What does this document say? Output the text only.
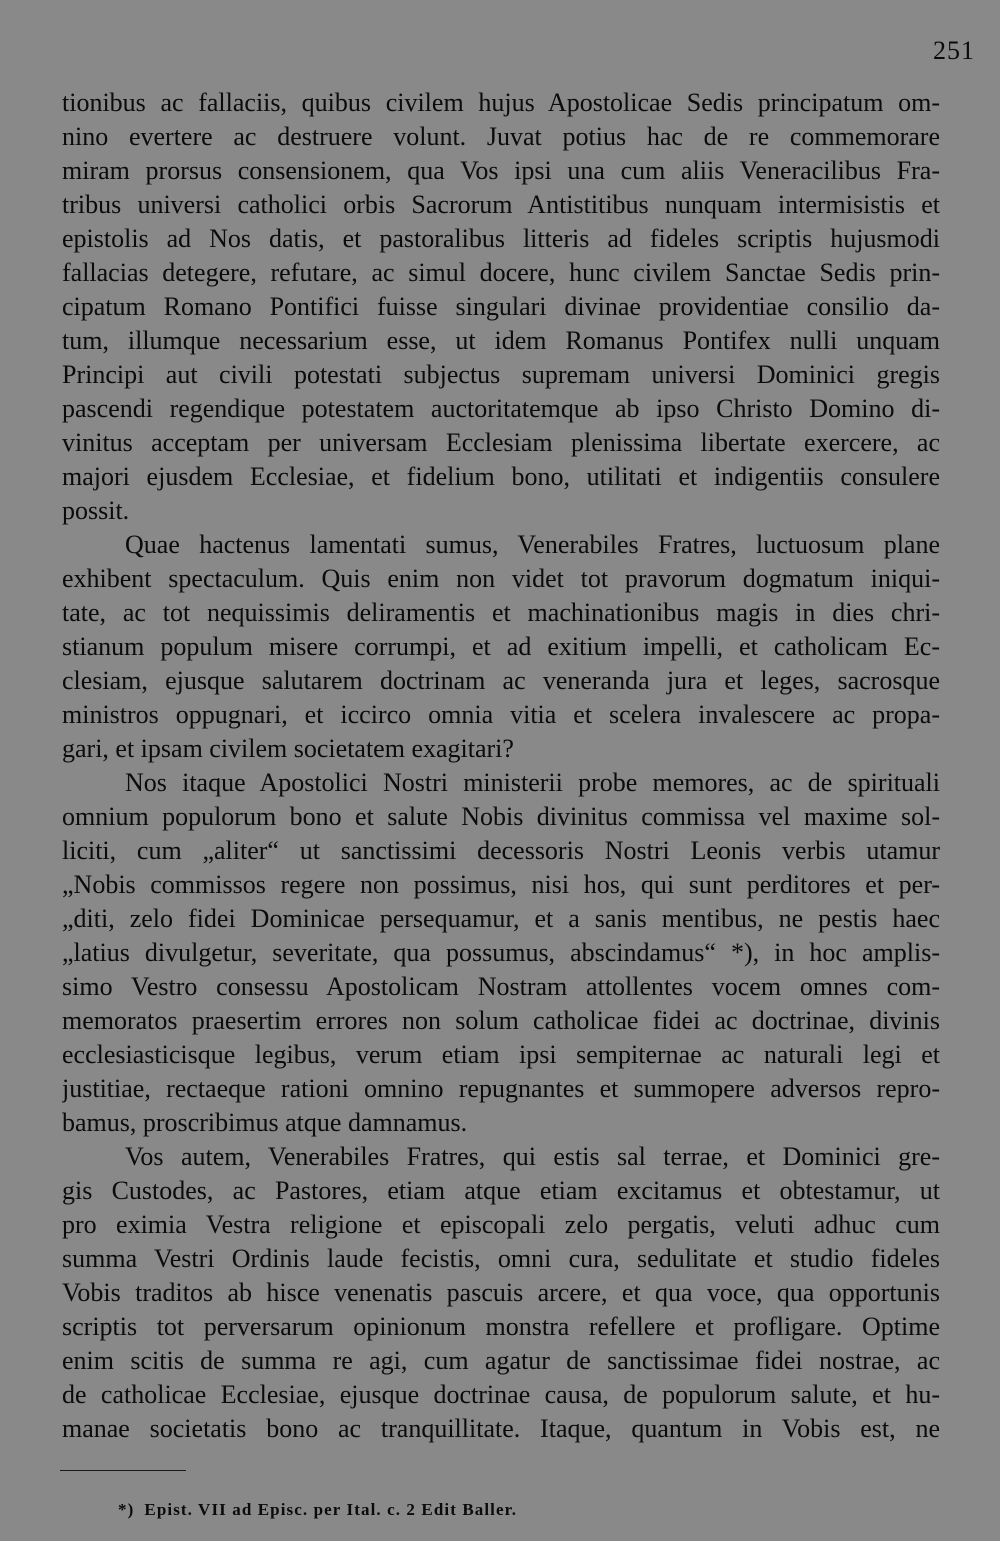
251
tionibus ac fallaciis, quibus civilem hujus Apostolicae Sedis principatum om-
nino evertere ac destruere volunt. Juvat potius hac de re commemorare
miram prorsus consensionem, qua Vos ipsi una cum aliis Veneracilibus Fra-
tribus universi catholici orbis Sacrorum Antistitibus nunquam intermisistis et
epistolis ad Nos datis, et pastoralibus litteris ad fideles scriptis hujusmodi
fallacias detegere, refutare, ac simul docere, hunc civilem Sanctae Sedis prin-
cipatum Romano Pontifici fuisse singulari divinae providentiae consilio da-
tum, illumque necessarium esse, ut idem Romanus Pontifex nulli unquam
Principi aut civili potestati subjectus supremam universi Dominici gregis
pascendi regendique potestatem auctoritatemque ab ipso Christo Domino di-
vinitus acceptam per universam Ecclesiam plenissima libertate exercere, ac
majori ejusdem Ecclesiae, et fidelium bono, utilitati et indigentiis consulere
possit.
Quae hactenus lamentati sumus, Venerabiles Fratres, luctuosum plane
exhibent spectaculum. Quis enim non videt tot pravorum dogmatum iniqui-
tate, ac tot nequissimis deliramentis et machinationibus magis in dies chri-
stianum populum misere corrumpi, et ad exitium impelli, et catholicam Ec-
clesiam, ejusque salutarem doctrinam ac veneranda jura et leges, sacrosque
ministros oppugnari, et iccirco omnia vitia et scelera invalescere ac propa-
gari, et ipsam civilem societatem exagitari?
Nos itaque Apostolici Nostri ministerii probe memores, ac de spirituali
omnium populorum bono et salute Nobis divinitus commissa vel maxime sol-
liciti, cum „aliter“ ut sanctissimi decessoris Nostri Leonis verbis utamur
„Nobis commissos regere non possimus, nisi hos, qui sunt perditores et per-
„diti, zelo fidei Dominicae persequamur, et a sanis mentibus, ne pestis haec
„latius divulgetur, severitate, qua possumus, abscindamus“ *), in hoc amplis-
simo Vestro consessu Apostolicam Nostram attollentes vocem omnes com-
memoratos praesertim errores non solum catholicae fidei ac doctrinae, divinis
ecclesiasticisque legibus, verum etiam ipsi sempiternae ac naturali legi et
justitiae, rectaeque rationi omnino repugnantes et summopere adversos repro-
bamus, proscribimus atque damnamus.
Vos autem, Venerabiles Fratres, qui estis sal terrae, et Dominici gre-
gis Custodes, ac Pastores, etiam atque etiam excitamus et obtestamur, ut
pro eximia Vestra religione et episcopali zelo pergatis, veluti adhuc cum
summa Vestri Ordinis laude fecistis, omni cura, sedulitate et studio fideles
Vobis traditos ab hisce venenatis pascuis arcere, et qua voce, qua opportunis
scriptis tot perversarum opinionum monstra refellere et profligare. Optime
enim scitis de summa re agi, cum agatur de sanctissimae fidei nostrae, ac
de catholicae Ecclesiae, ejusque doctrinae causa, de populorum salute, et hu-
manae societatis bono ac tranquillitate. Itaque, quantum in Vobis est, ne
*) Epist. VII ad Episc. per Ital. c. 2 Edit Baller.
